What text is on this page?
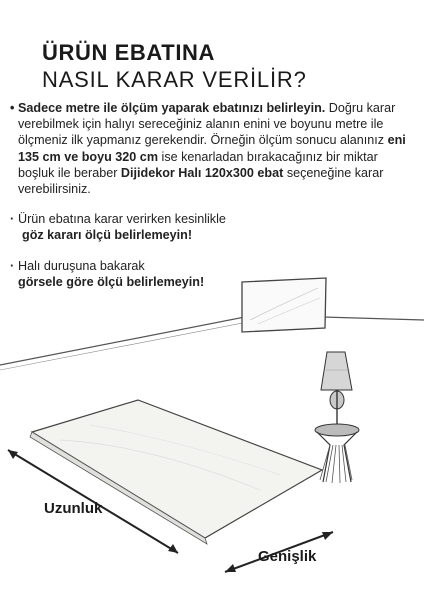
ÜRÜN EBATINA
NASIL KARAR VERİLİR?
• Sadece metre ile ölçüm yaparak ebatınızı belirleyin. Doğru karar verebilmek için halıyı sereceğiniz alanın enini ve boyunu metre ile ölçmeniz ilk yapmanız gerekendir. Örneğin ölçüm sonucu alanınız eni 135 cm ve boyu 320 cm ise kenarladan bırakacağınız bir miktar boşluk ile beraber Dijidekor Halı 120x300 ebat seçeneğine karar verebilirsiniz.
· Ürün ebatına karar verirken kesinlikle
göz kararı ölçü belirlemeyin!
· Halı duruşuna bakarak
görsele göre ölçü belirlemeyin!
Uzunluk
Genişlik
